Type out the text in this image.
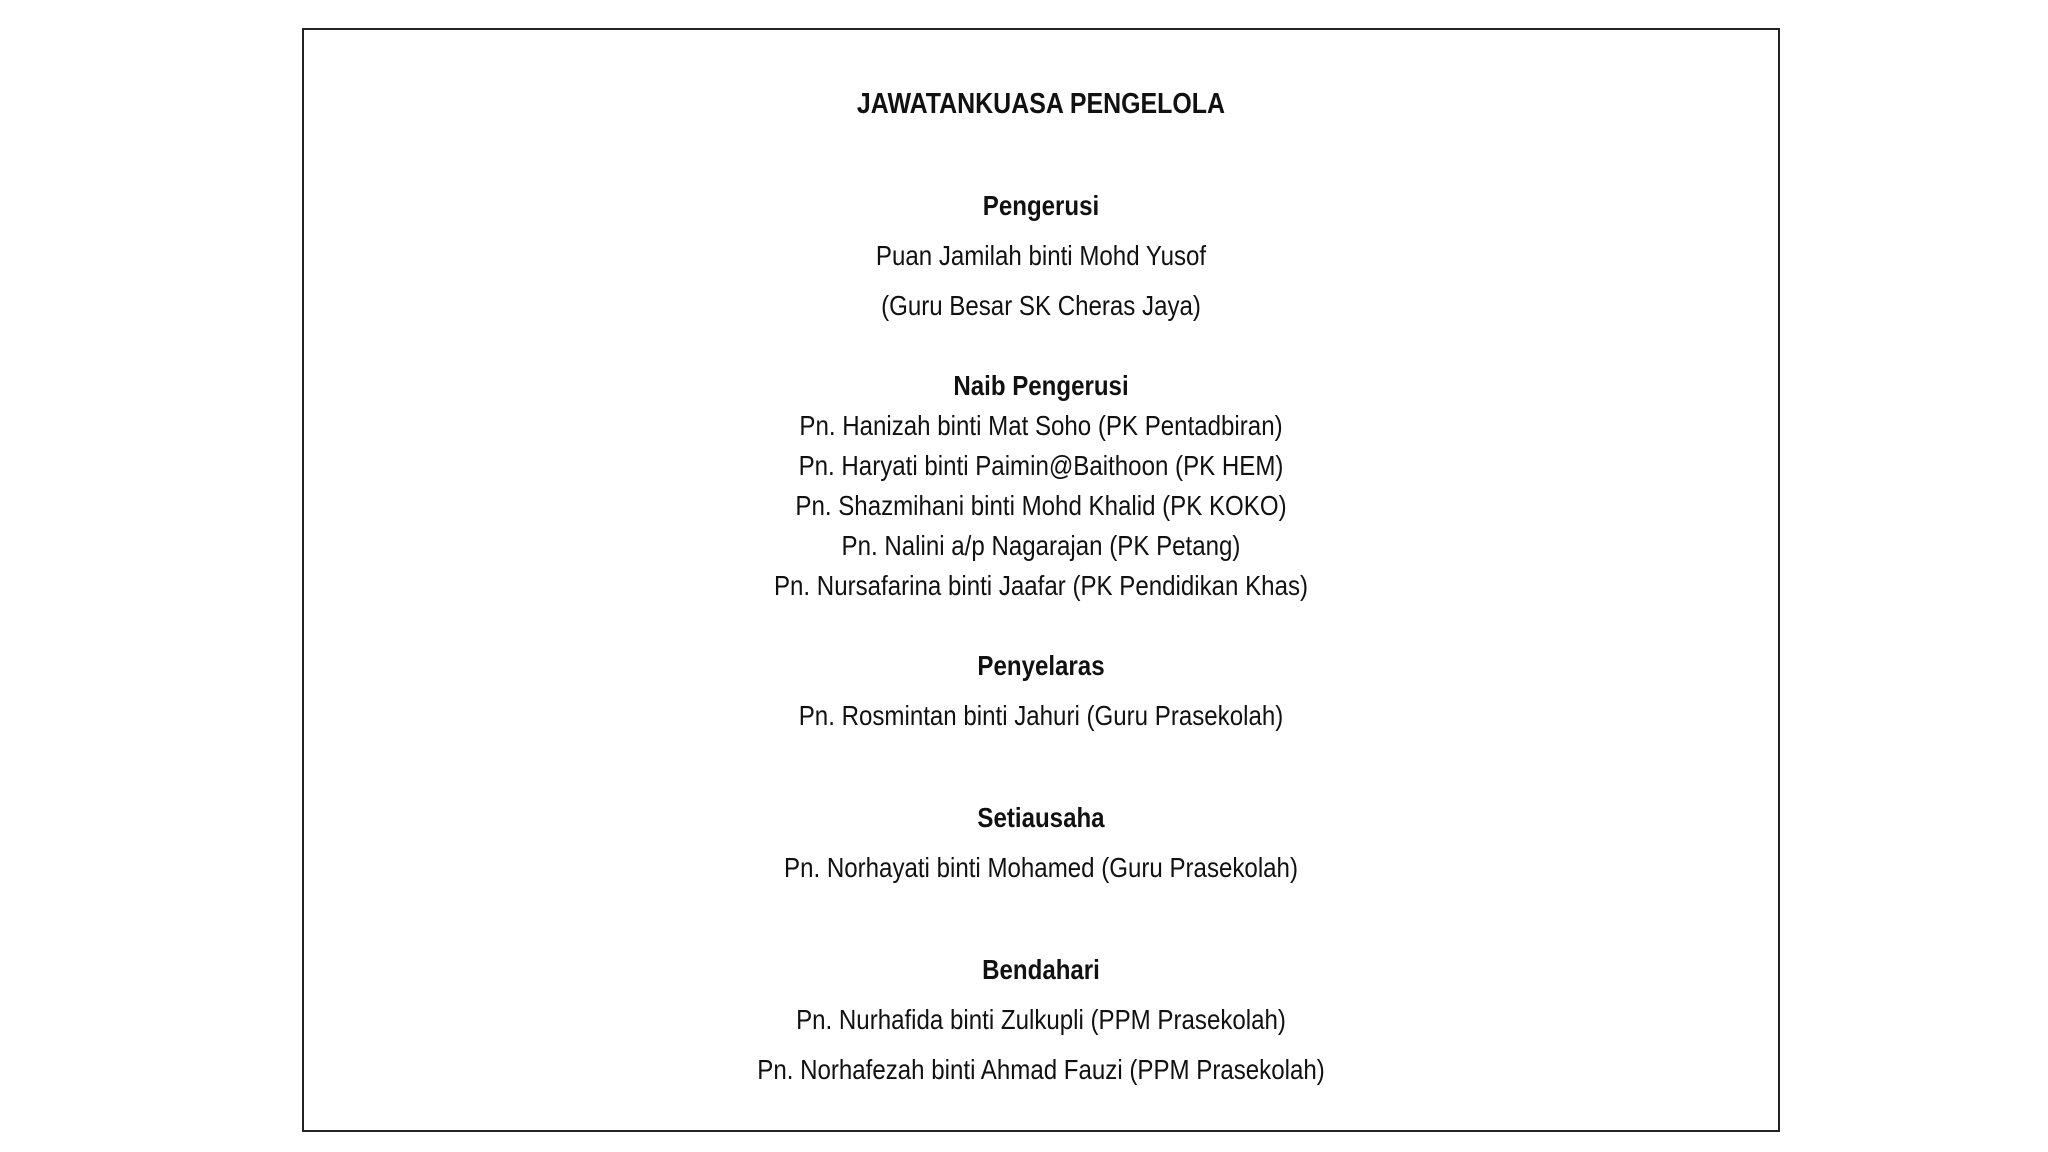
JAWATANKUASA PENGELOLA
Pengerusi
Puan Jamilah binti Mohd Yusof
(Guru Besar SK Cheras Jaya)
Naib Pengerusi
Pn. Hanizah binti Mat Soho (PK Pentadbiran)
Pn. Haryati binti Paimin@Baithoon (PK HEM)
Pn. Shazmihani binti Mohd Khalid (PK KOKO)
Pn. Nalini a/p Nagarajan (PK Petang)
Pn. Nursafarina binti Jaafar (PK Pendidikan Khas)
Penyelaras
Pn. Rosmintan binti Jahuri (Guru Prasekolah)
Setiausaha
Pn. Norhayati binti Mohamed (Guru Prasekolah)
Bendahari
Pn. Nurhafida binti Zulkupli (PPM Prasekolah)
Pn. Norhafezah binti Ahmad Fauzi (PPM Prasekolah)
